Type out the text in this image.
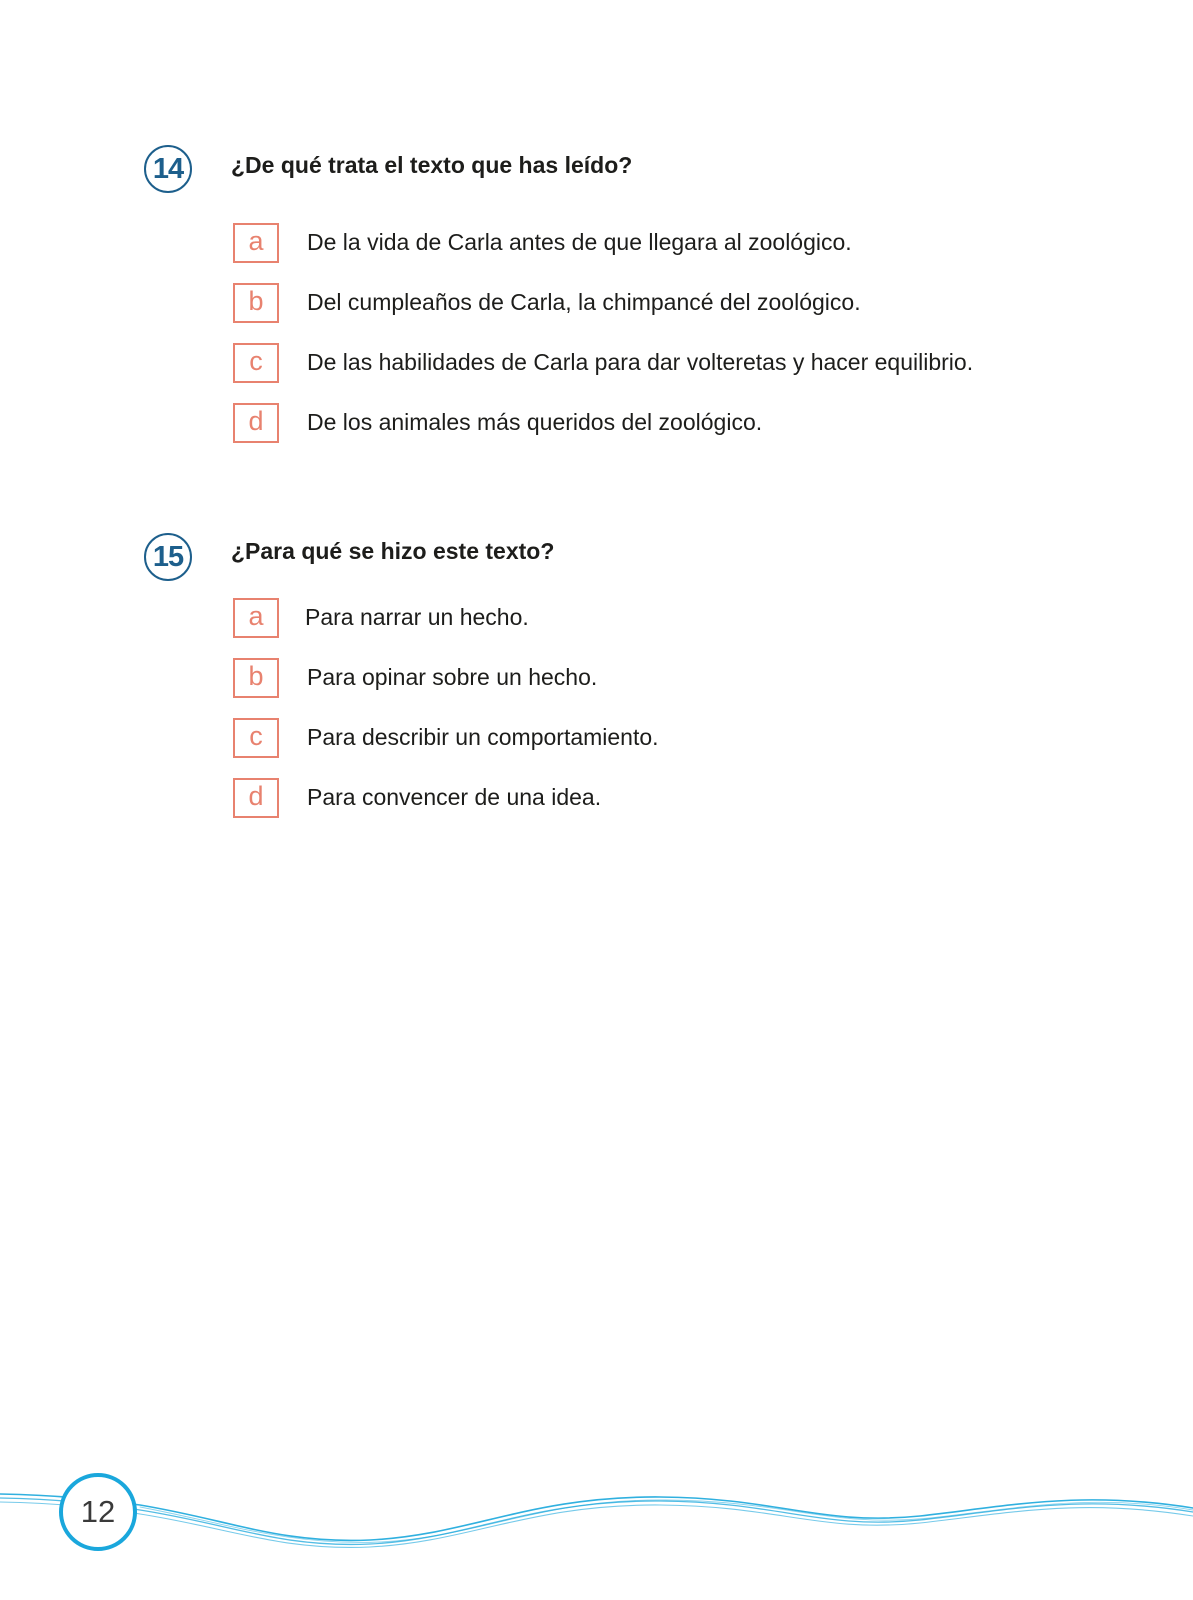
14	¿De qué trata el texto que has leído?
a	De la vida de Carla antes de que llegara al zoológico.
b	Del cumpleaños de Carla, la chimpancé del zoológico.
c	De las habilidades de Carla para dar volteretas y hacer equilibrio.
d	De los animales más queridos del zoológico.
15	¿Para qué se hizo este texto?
a	Para narrar un hecho.
b	Para opinar sobre un hecho.
c	Para describir un comportamiento.
d	Para convencer de una idea.
12
